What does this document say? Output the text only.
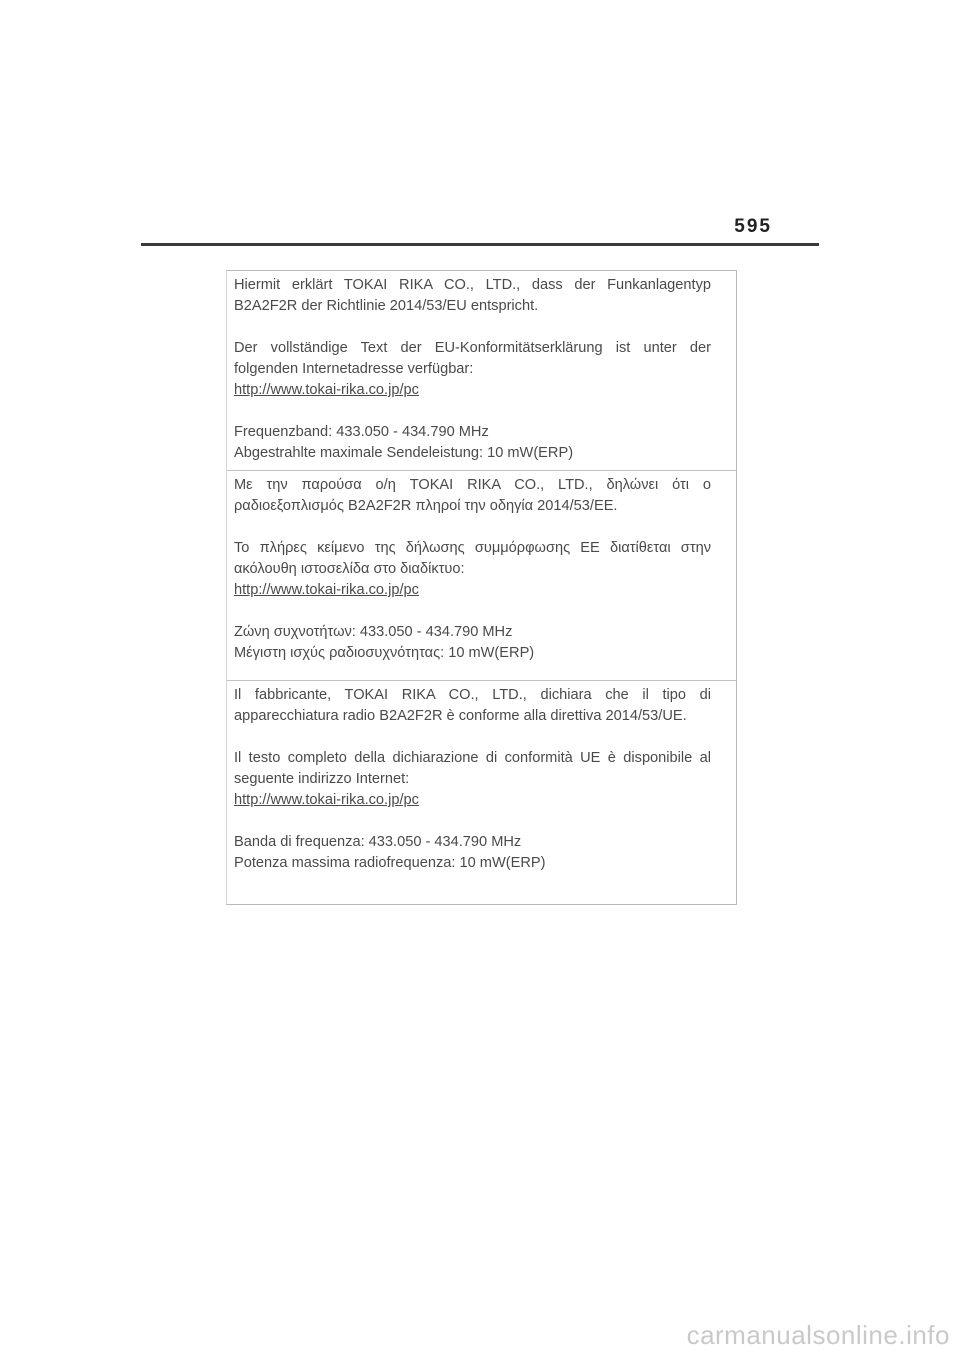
595

Hiermit erklärt TOKAI RIKA CO., LTD., dass der Funkanlagentyp B2A2F2R der Richtlinie 2014/53/EU entspricht.

Der vollständige Text der EU-Konformitätserklärung ist unter der folgenden Internetadresse verfügbar:

http://www.tokai-rika.co.jp/pc

Frequenzband: 433.050 - 434.790 MHz

Abgestrahlte maximale Sendeleistung: 10 mW(ERP)

Με την παρούσα ο/η TOKAI RIKA CO., LTD., δηλώνει ότι ο ραδιοεξοπλισμός B2A2F2R πληροί την οδηγία 2014/53/ΕΕ.

Το πλήρες κείμενο της δήλωσης συμμόρφωσης ΕΕ διατίθεται στην ακόλουθη ιστοσελίδα στο διαδίκτυο:

http://www.tokai-rika.co.jp/pc

Ζώνη συχνοτήτων: 433.050 - 434.790 MHz

Μέγιστη ισχύς ραδιοσυχνότητας: 10 mW(ERP)

Il fabbricante, TOKAI RIKA CO., LTD., dichiara che il tipo di apparecchiatura radio B2A2F2R è conforme alla direttiva 2014/53/UE.

Il testo completo della dichiarazione di conformità UE è disponibile al seguente indirizzo Internet:

http://www.tokai-rika.co.jp/pc

Banda di frequenza: 433.050 - 434.790 MHz

Potenza massima radiofrequenza: 10 mW(ERP)

carmanualsonline.info
